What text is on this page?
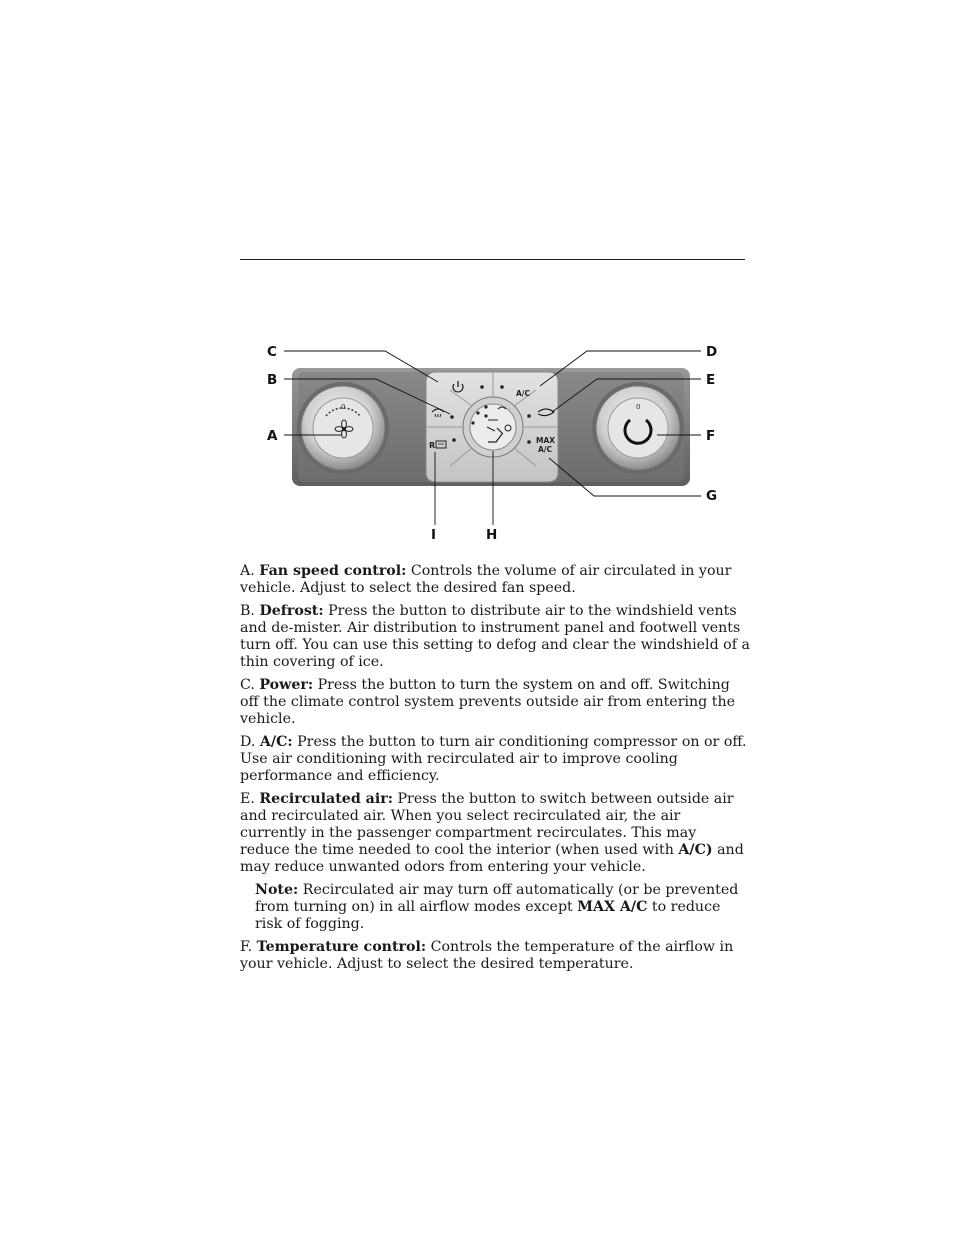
0	0
A/C
R
MAX
A/C
C
B
A
D
E
F
G
H
I

A. Fan speed control: Controls the volume of air circulated in your vehicle. Adjust to select the desired fan speed.

B. Defrost: Press the button to distribute air to the windshield vents and de-mister. Air distribution to instrument panel and footwell vents turn off. You can use this setting to defog and clear the windshield of a thin covering of ice.

C. Power: Press the button to turn the system on and off. Switching off the climate control system prevents outside air from entering the vehicle.

D. A/C: Press the button to turn air conditioning compressor on or off. Use air conditioning with recirculated air to improve cooling performance and efficiency.

E. Recirculated air: Press the button to switch between outside air and recirculated air. When you select recirculated air, the air currently in the passenger compartment recirculates. This may reduce the time needed to cool the interior (when used with A/C) and may reduce unwanted odors from entering your vehicle.

Note: Recirculated air may turn off automatically (or be prevented from turning on) in all airflow modes except MAX A/C to reduce risk of fogging.

F. Temperature control: Controls the temperature of the airflow in your vehicle. Adjust to select the desired temperature.
